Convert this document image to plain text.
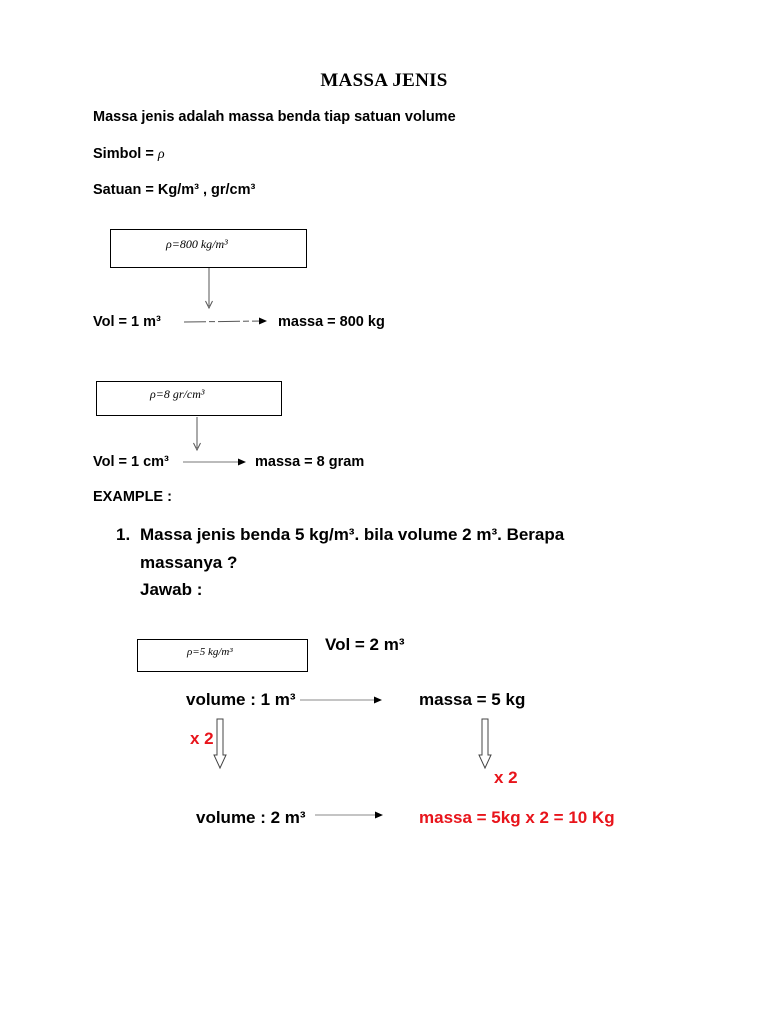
MASSA JENIS
Massa jenis adalah massa benda tiap satuan volume
Simbol = ρ
Satuan = Kg/m³ , gr/cm³
ρ=800 kg/m³
Vol = 1 m³	massa = 800 kg
ρ=8 gr/cm³
Vol = 1 cm³	massa = 8 gram
EXAMPLE :
1. Massa jenis benda 5 kg/m³. bila volume 2 m³. Berapa
massanya ?
Jawab :
ρ=5 kg/m³	Vol = 2 m³
volume : 1 m³	massa = 5 kg
x 2
x 2
volume : 2 m³	massa = 5kg x 2 = 10 Kg
